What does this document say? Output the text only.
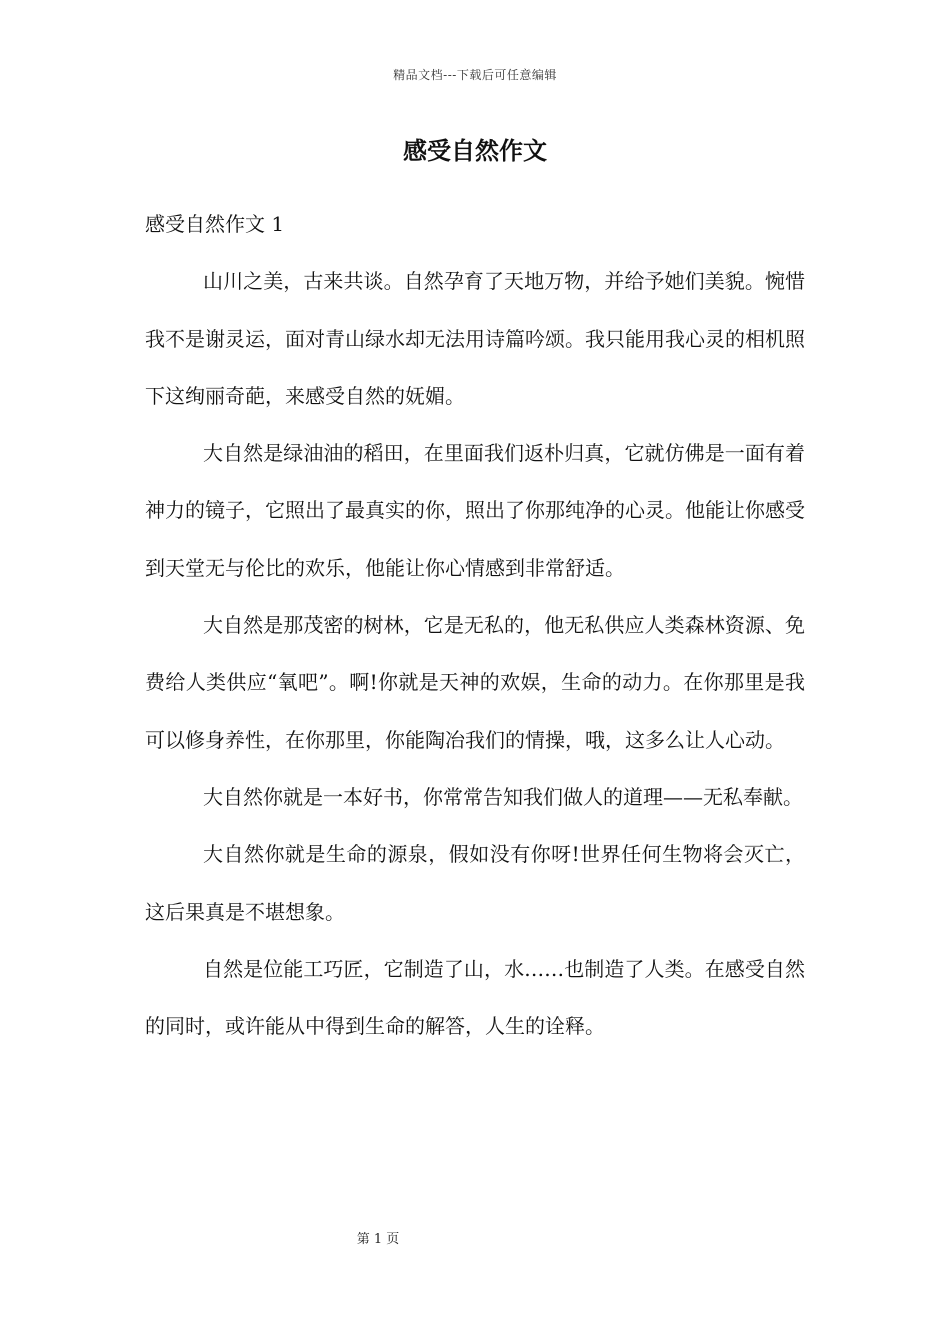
精品文档---下载后可任意编辑
感受自然作文

感受自然作文 1

山川之美，古来共谈。自然孕育了天地万物，并给予她们美貌。惋惜我不是谢灵运，面对青山绿水却无法用诗篇吟颂。我只能用我心灵的相机照下这绚丽奇葩，来感受自然的妩媚。

大自然是绿油油的稻田，在里面我们返朴归真，它就仿佛是一面有着神力的镜子，它照出了最真实的你，照出了你那纯净的心灵。他能让你感受到天堂无与伦比的欢乐，他能让你心情感到非常舒适。

大自然是那茂密的树林，它是无私的，他无私供应人类森林资源、免费给人类供应“氧吧”。啊!你就是天神的欢娱，生命的动力。在你那里是我可以修身养性，在你那里，你能陶冶我们的情操，哦，这多么让人心动。

大自然你就是一本好书，你常常告知我们做人的道理——无私奉献。

大自然你就是生命的源泉，假如没有你呀!世界任何生物将会灭亡，这后果真是不堪想象。

自然是位能工巧匠，它制造了山，水……也制造了人类。在感受自然的同时，或许能从中得到生命的解答，人生的诠释。

第 1 页
